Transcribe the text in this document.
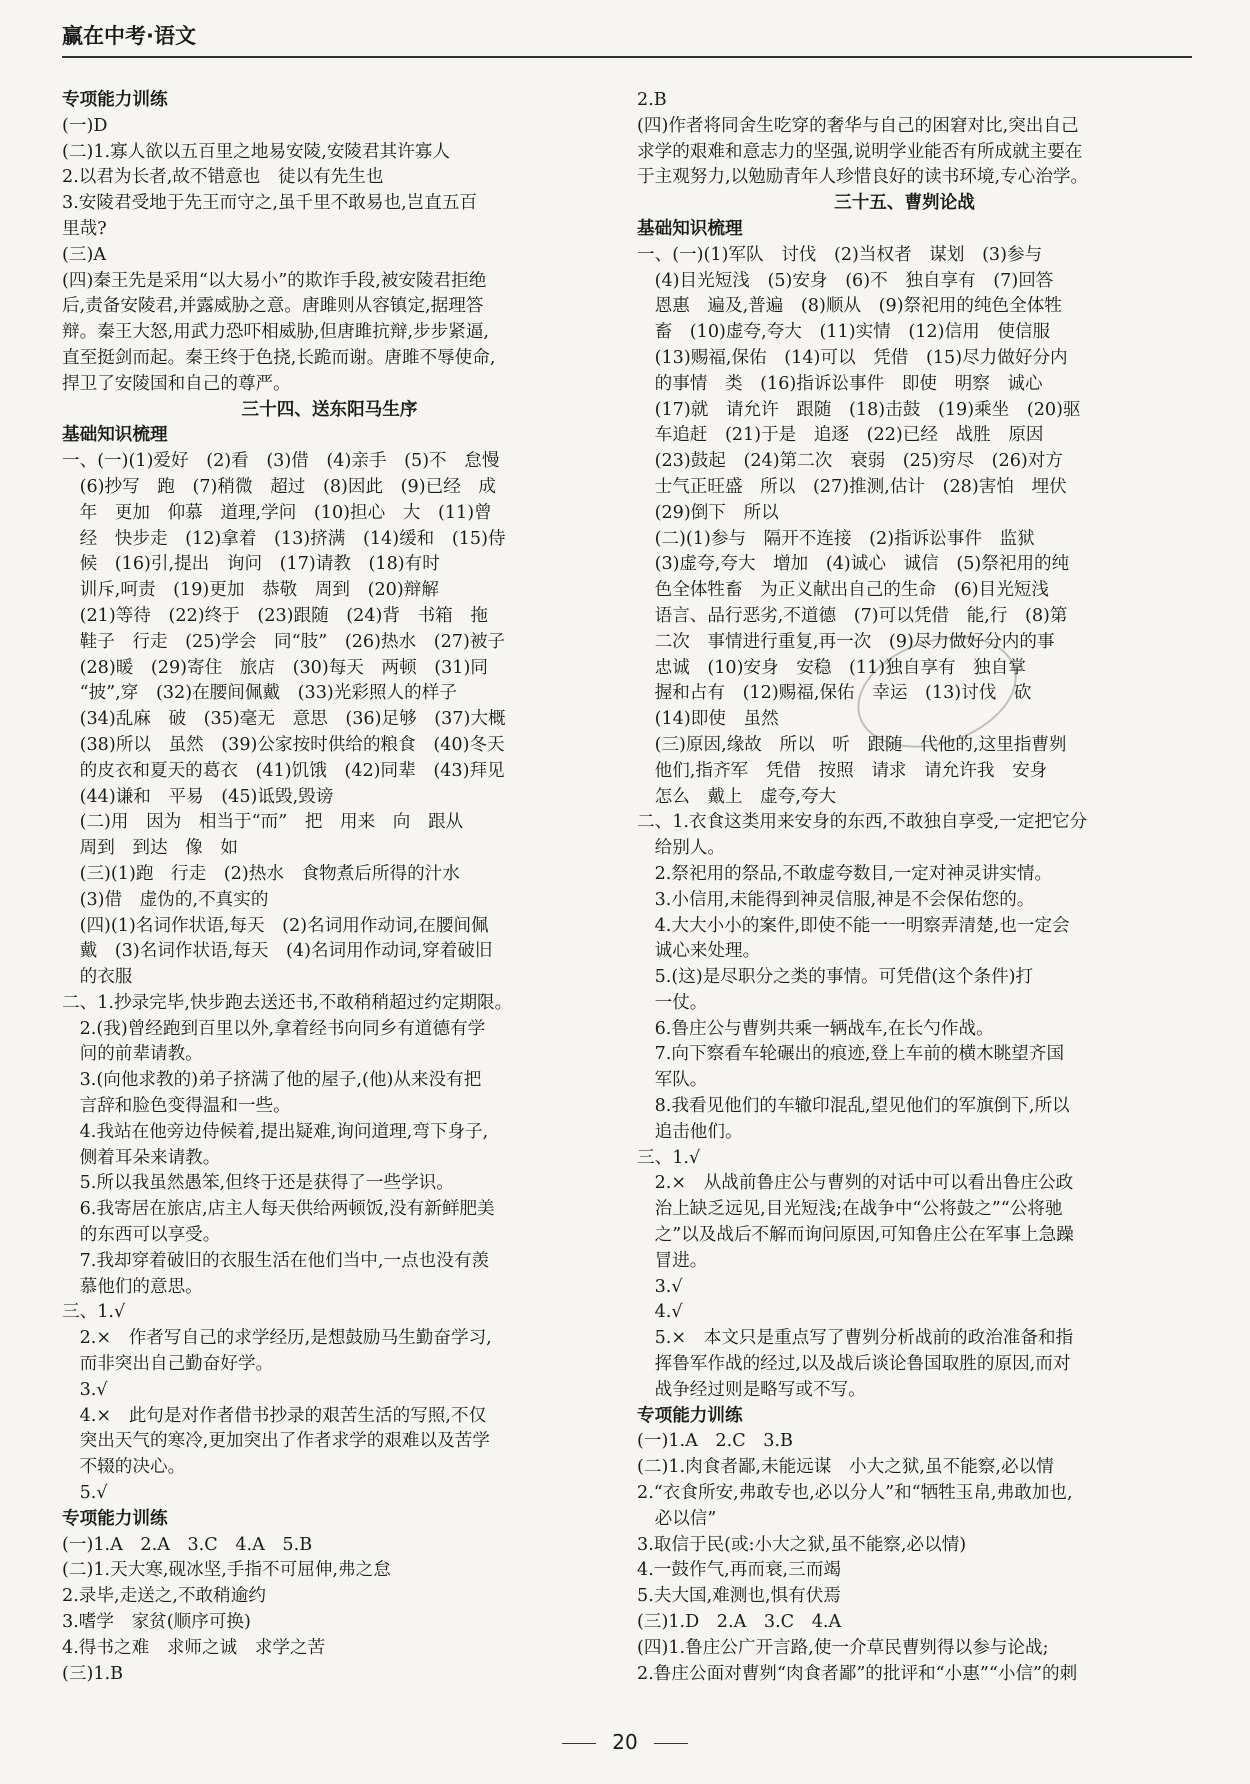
赢在中考·语文
专项能力训练
(一)D
(二)1.寡人欲以五百里之地易安陵,安陵君其许寡人
2.以君为长者,故不错意也　徒以有先生也
3.安陵君受地于先王而守之,虽千里不敢易也,岂直五百
里哉?
(三)A
(四)秦王先是采用“以大易小”的欺诈手段,被安陵君拒绝
后,责备安陵君,并露威胁之意。唐雎则从容镇定,据理答
辩。秦王大怒,用武力恐吓相威胁,但唐雎抗辩,步步紧逼,
直至挺剑而起。秦王终于色挠,长跪而谢。唐雎不辱使命,
捍卫了安陵国和自己的尊严。
三十四、送东阳马生序
基础知识梳理
一、(一)(1)爱好　(2)看　(3)借　(4)亲手　(5)不　怠慢
　(6)抄写　跑　(7)稍微　超过　(8)因此　(9)已经　成
　年　更加　仰慕　道理,学问　(10)担心　大　(11)曾
　经　快步走　(12)拿着　(13)挤满　(14)缓和　(15)侍
　候　(16)引,提出　询问　(17)请教　(18)有时
　训斥,呵责　(19)更加　恭敬　周到　(20)辩解
　(21)等待　(22)终于　(23)跟随　(24)背　书箱　拖
　鞋子　行走　(25)学会　同“肢”　(26)热水　(27)被子
　(28)暖　(29)寄住　旅店　(30)每天　两顿　(31)同
　“披”,穿　(32)在腰间佩戴　(33)光彩照人的样子
　(34)乱麻　破　(35)毫无　意思　(36)足够　(37)大概
　(38)所以　虽然　(39)公家按时供给的粮食　(40)冬天
　的皮衣和夏天的葛衣　(41)饥饿　(42)同辈　(43)拜见
　(44)谦和　平易　(45)诋毁,毁谤
　(二)用　因为　相当于“而”　把　用来　向　跟从
　周到　到达　像　如
　(三)(1)跑　行走　(2)热水　食物煮后所得的汁水
　(3)借　虚伪的,不真实的
　(四)(1)名词作状语,每天　(2)名词用作动词,在腰间佩
　戴　(3)名词作状语,每天　(4)名词用作动词,穿着破旧
　的衣服
二、1.抄录完毕,快步跑去送还书,不敢稍稍超过约定期限。
　2.(我)曾经跑到百里以外,拿着经书向同乡有道德有学
　问的前辈请教。
　3.(向他求教的)弟子挤满了他的屋子,(他)从来没有把
　言辞和脸色变得温和一些。
　4.我站在他旁边侍候着,提出疑难,询问道理,弯下身子,
　侧着耳朵来请教。
　5.所以我虽然愚笨,但终于还是获得了一些学识。
　6.我寄居在旅店,店主人每天供给两顿饭,没有新鲜肥美
　的东西可以享受。
　7.我却穿着破旧的衣服生活在他们当中,一点也没有羡
　慕他们的意思。
三、1.√
　2.×　作者写自己的求学经历,是想鼓励马生勤奋学习,
　而非突出自己勤奋好学。
　3.√
　4.×　此句是对作者借书抄录的艰苦生活的写照,不仅
　突出天气的寒冷,更加突出了作者求学的艰难以及苦学
　不辍的决心。
　5.√
专项能力训练
(一)1.A　2.A　3.C　4.A　5.B
(二)1.天大寒,砚冰坚,手指不可屈伸,弗之怠
2.录毕,走送之,不敢稍逾约
3.嗜学　家贫(顺序可换)
4.得书之难　求师之诚　求学之苦
(三)1.B
2.B
(四)作者将同舍生吃穿的奢华与自己的困窘对比,突出自己
求学的艰难和意志力的坚强,说明学业能否有所成就主要在
于主观努力,以勉励青年人珍惜良好的读书环境,专心治学。
三十五、曹刿论战
基础知识梳理
一、(一)(1)军队　讨伐　(2)当权者　谋划　(3)参与
　(4)目光短浅　(5)安身　(6)不　独自享有　(7)回答
　恩惠　遍及,普遍　(8)顺从　(9)祭祀用的纯色全体牲
　畜　(10)虚夸,夸大　(11)实情　(12)信用　使信服
　(13)赐福,保佑　(14)可以　凭借　(15)尽力做好分内
　的事情　类　(16)指诉讼事件　即使　明察　诚心
　(17)就　请允许　跟随　(18)击鼓　(19)乘坐　(20)驱
　车追赶　(21)于是　追逐　(22)已经　战胜　原因
　(23)鼓起　(24)第二次　衰弱　(25)穷尽　(26)对方
　士气正旺盛　所以　(27)推测,估计　(28)害怕　埋伏
　(29)倒下　所以
　(二)(1)参与　隔开不连接　(2)指诉讼事件　监狱
　(3)虚夸,夸大　增加　(4)诚心　诚信　(5)祭祀用的纯
　色全体牲畜　为正义献出自己的生命　(6)目光短浅
　语言、品行恶劣,不道德　(7)可以凭借　能,行　(8)第
　二次　事情进行重复,再一次　(9)尽力做好分内的事
　忠诚　(10)安身　安稳　(11)独自享有　独自掌
　握和占有　(12)赐福,保佑　幸运　(13)讨伐　砍
　(14)即使　虽然
　(三)原因,缘故　所以　听　跟随　代他的,这里指曹刿
　他们,指齐军　凭借　按照　请求　请允许我　安身
　怎么　戴上　虚夸,夸大
二、1.衣食这类用来安身的东西,不敢独自享受,一定把它分
　给别人。
　2.祭祀用的祭品,不敢虚夸数目,一定对神灵讲实情。
　3.小信用,未能得到神灵信服,神是不会保佑您的。
　4.大大小小的案件,即使不能一一明察弄清楚,也一定会
　诚心来处理。
　5.(这)是尽职分之类的事情。可凭借(这个条件)打
　一仗。
　6.鲁庄公与曹刿共乘一辆战车,在长勺作战。
　7.向下察看车轮碾出的痕迹,登上车前的横木眺望齐国
　军队。
　8.我看见他们的车辙印混乱,望见他们的军旗倒下,所以
　追击他们。
三、1.√
　2.×　从战前鲁庄公与曹刿的对话中可以看出鲁庄公政
　治上缺乏远见,目光短浅;在战争中“公将鼓之”“公将驰
　之”以及战后不解而询问原因,可知鲁庄公在军事上急躁
　冒进。
　3.√
　4.√
　5.×　本文只是重点写了曹刿分析战前的政治准备和指
　挥鲁军作战的经过,以及战后谈论鲁国取胜的原因,而对
　战争经过则是略写或不写。
专项能力训练
(一)1.A　2.C　3.B
(二)1.肉食者鄙,未能远谋　小大之狱,虽不能察,必以情
2.“衣食所安,弗敢专也,必以分人”和“牺牲玉帛,弗敢加也,
　必以信”
3.取信于民(或:小大之狱,虽不能察,必以情)
4.一鼓作气,再而衰,三而竭
5.夫大国,难测也,惧有伏焉
(三)1.D　2.A　3.C　4.A
(四)1.鲁庄公广开言路,使一介草民曹刿得以参与论战;
2.鲁庄公面对曹刿“肉食者鄙”的批评和“小惠”“小信”的刺
20
